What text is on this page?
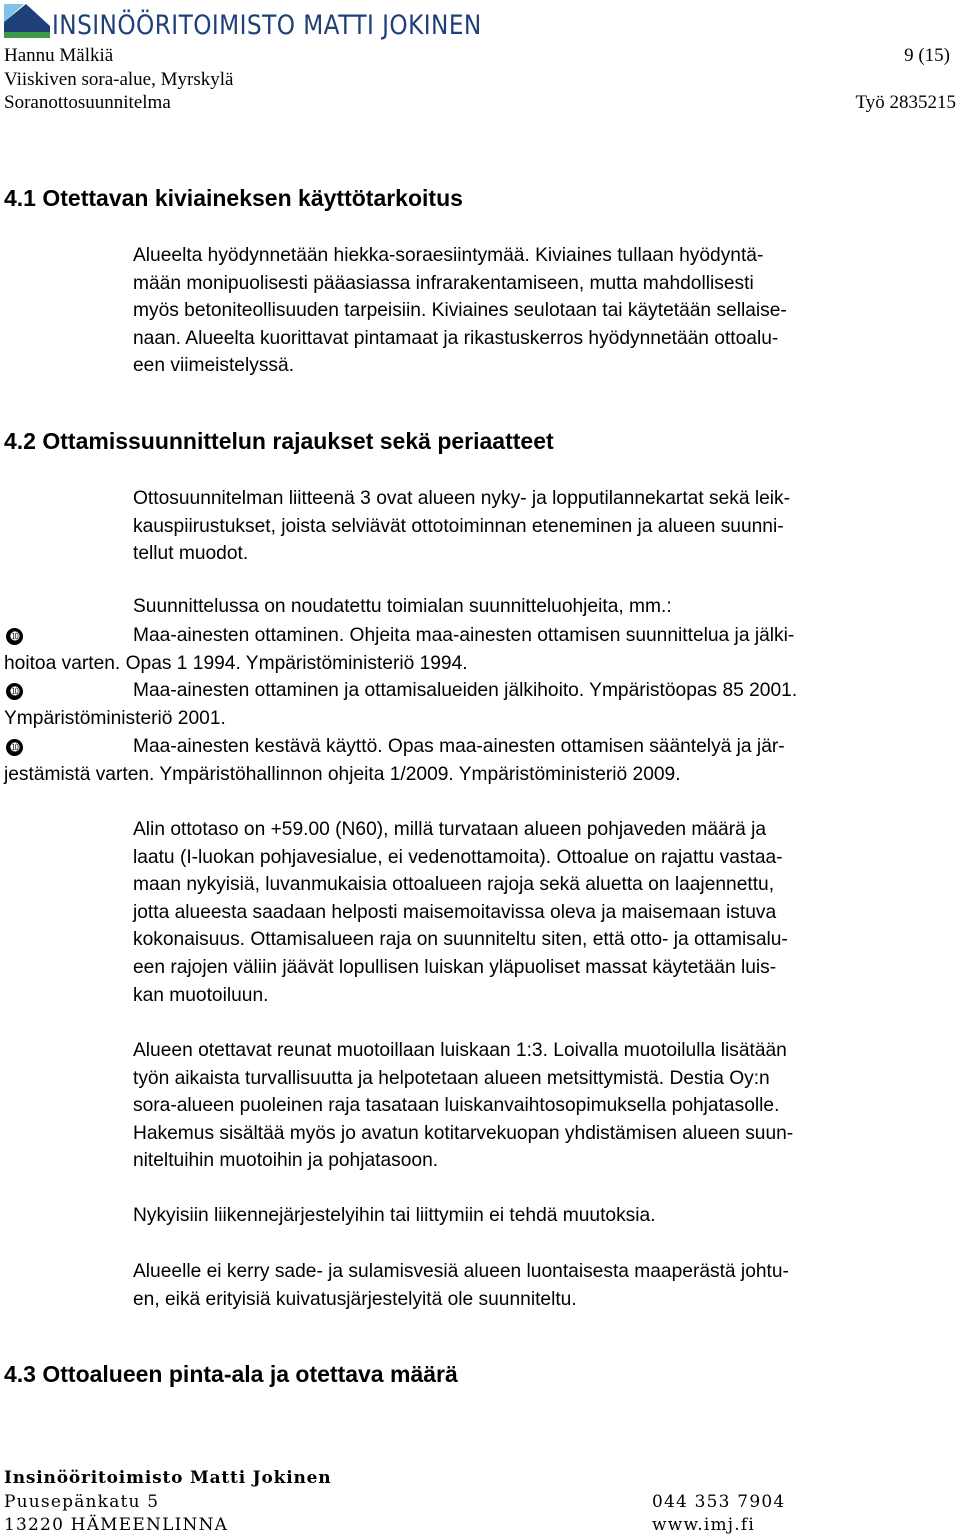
INSINÖÖRITOIMISTO MATTI JOKINEN
Hannu Mälkiä
Viiskiven sora-alue, Myrskylä
Soranottosuunnitelma
9 (15)
Työ 2835215
4.1 Otettavan kiviaineksen käyttötarkoitus
Alueelta hyödynnetään hiekka-soraesiintymää. Kiviaines tullaan hyödyntä-
mään monipuolisesti pääasiassa infrarakentamiseen, mutta mahdollisesti
myös betoniteollisuuden tarpeisiin. Kiviaines seulotaan tai käytetään sellaise-
naan. Alueelta kuorittavat pintamaat ja rikastuskerros hyödynnetään ottoalu-
een viimeistelyssä.
4.2 Ottamissuunnittelun rajaukset sekä periaatteet
Ottosuunnitelman liitteenä 3 ovat alueen nyky- ja lopputilannekartat sekä leik-
kauspiirustukset, joista selviävät ottotoiminnan eteneminen ja alueen suunni-
tellut muodot.
Suunnittelussa on noudatettu toimialan suunnitteluohjeita, mm.:
➓	Maa-ainesten ottaminen. Ohjeita maa-ainesten ottamisen suunnittelua ja jälki-
hoitoa varten. Opas 1 1994. Ympäristöministeriö 1994.
➓	Maa-ainesten ottaminen ja ottamisalueiden jälkihoito. Ympäristöopas 85 2001.
Ympäristöministeriö 2001.
➓	Maa-ainesten kestävä käyttö. Opas maa-ainesten ottamisen sääntelyä ja jär-
jestämistä varten. Ympäristöhallinnon ohjeita 1/2009. Ympäristöministeriö 2009.
Alin ottotaso on +59.00 (N60), millä turvataan alueen pohjaveden määrä ja
laatu (I-luokan pohjavesialue, ei vedenottamoita). Ottoalue on rajattu vastaa-
maan nykyisiä, luvanmukaisia ottoalueen rajoja sekä aluetta on laajennettu,
jotta alueesta saadaan helposti maisemoitavissa oleva ja maisemaan istuva
kokonaisuus. Ottamisalueen raja on suunniteltu siten, että otto- ja ottamisalu-
een rajojen väliin jäävät lopullisen luiskan yläpuoliset massat käytetään luis-
kan muotoiluun.
Alueen otettavat reunat muotoillaan luiskaan 1:3. Loivalla muotoilulla lisätään
työn aikaista turvallisuutta ja helpotetaan alueen metsittymistä. Destia Oy:n
sora-alueen puoleinen raja tasataan luiskanvaihtosopimuksella pohjatasolle.
Hakemus sisältää myös jo avatun kotitarvekuopan yhdistämisen alueen suun-
niteltuihin muotoihin ja pohjatasoon.
Nykyisiin liikennejärjestelyihin tai liittymiin ei tehdä muutoksia.
Alueelle ei kerry sade- ja sulamisvesiä alueen luontaisesta maaperästä johtu-
en, eikä erityisiä kuivatusjärjestelyitä ole suunniteltu.
4.3 Ottoalueen pinta-ala ja otettava määrä
Insinööritoimisto Matti Jokinen
Puusepänkatu 5
13220 HÄMEENLINNA
044 353 7904
www.imj.fi
